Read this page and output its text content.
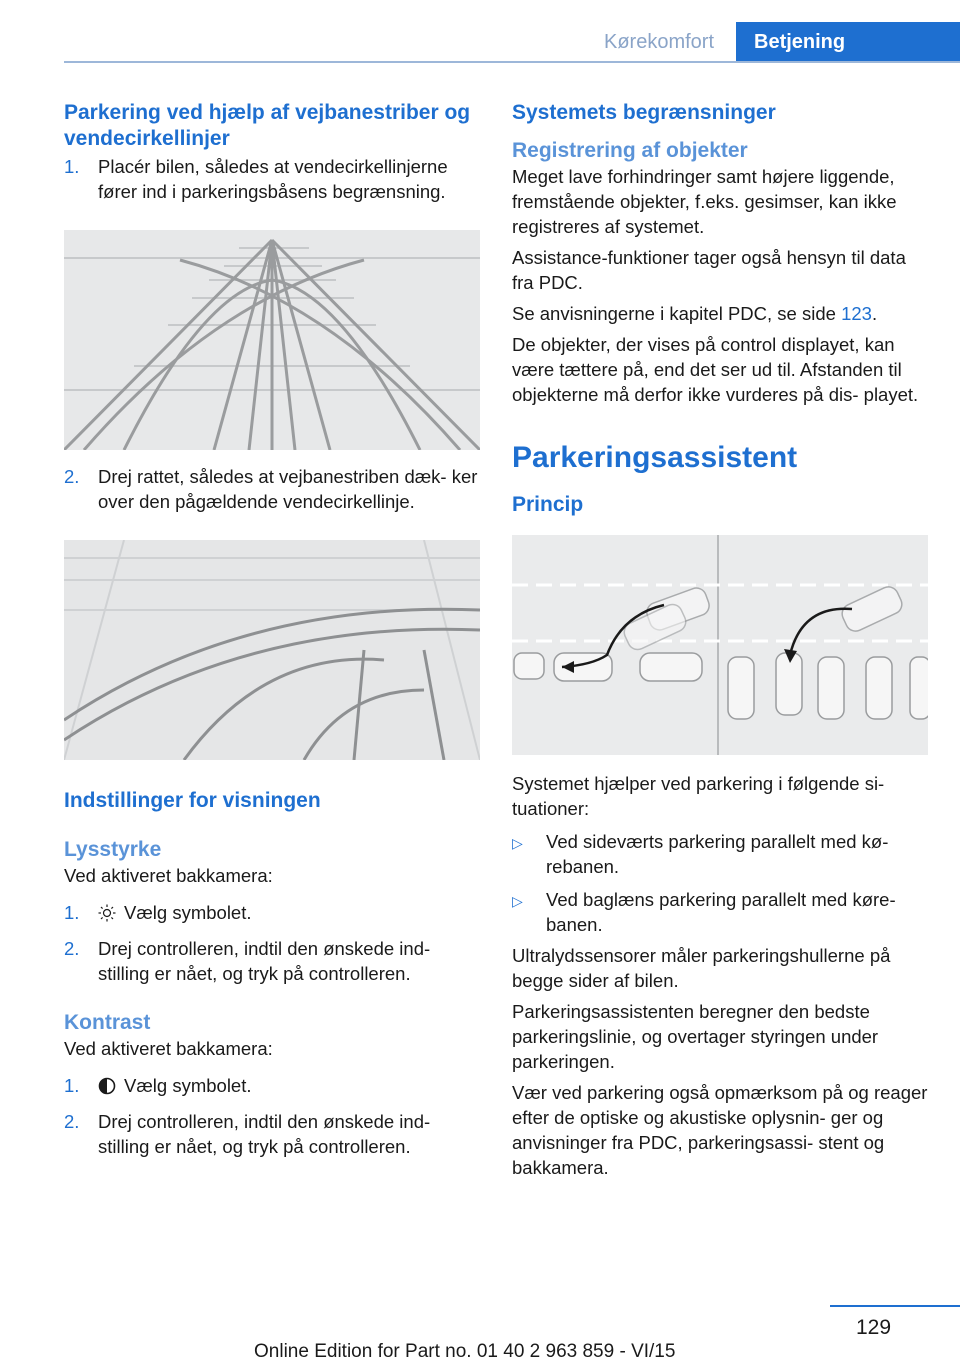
Kørekomfort	Betjening
Parkering ved hjælp af vejbanestriber og vendecirkellinjer
1.	Placér bilen, således at vendecirkellinjerne fører ind i parkeringsbåsens begrænsning.
2.	Drej rattet, således at vejbanestriben dæk- ker over den pågældende vendecirkellinje.
Indstillinger for visningen
Lysstyrke
Ved aktiveret bakkamera:
1.	Vælg symbolet.
2.	Drej controlleren, indtil den ønskede ind- stilling er nået, og tryk på controlleren.
Kontrast
Ved aktiveret bakkamera:
1.	Vælg symbolet.
2.	Drej controlleren, indtil den ønskede ind- stilling er nået, og tryk på controlleren.
Systemets begrænsninger
Registrering af objekter
Meget lave forhindringer samt højere liggende, fremstående objekter, f.eks. gesimser, kan ikke registreres af systemet.
Assistance-funktioner tager også hensyn til data fra PDC.
Se anvisningerne i kapitel PDC, se side 123.
De objekter, der vises på control displayet, kan være tættere på, end det ser ud til. Afstanden til objekterne må derfor ikke vurderes på dis- playet.
Parkeringsassistent
Princip
Systemet hjælper ved parkering i følgende si- tuationer:
▷	Ved sideværts parkering parallelt med kø- rebanen.
▷	Ved baglæns parkering parallelt med køre- banen.
Ultralydssensorer måler parkeringshullerne på begge sider af bilen.
Parkeringsassistenten beregner den bedste parkeringslinie, og overtager styringen under parkeringen.
Vær ved parkering også opmærksom på og reager efter de optiske og akustiske oplysnin- ger og anvisninger fra PDC, parkeringsassi- stent og bakkamera.
129
Online Edition for Part no. 01 40 2 963 859 - VI/15
